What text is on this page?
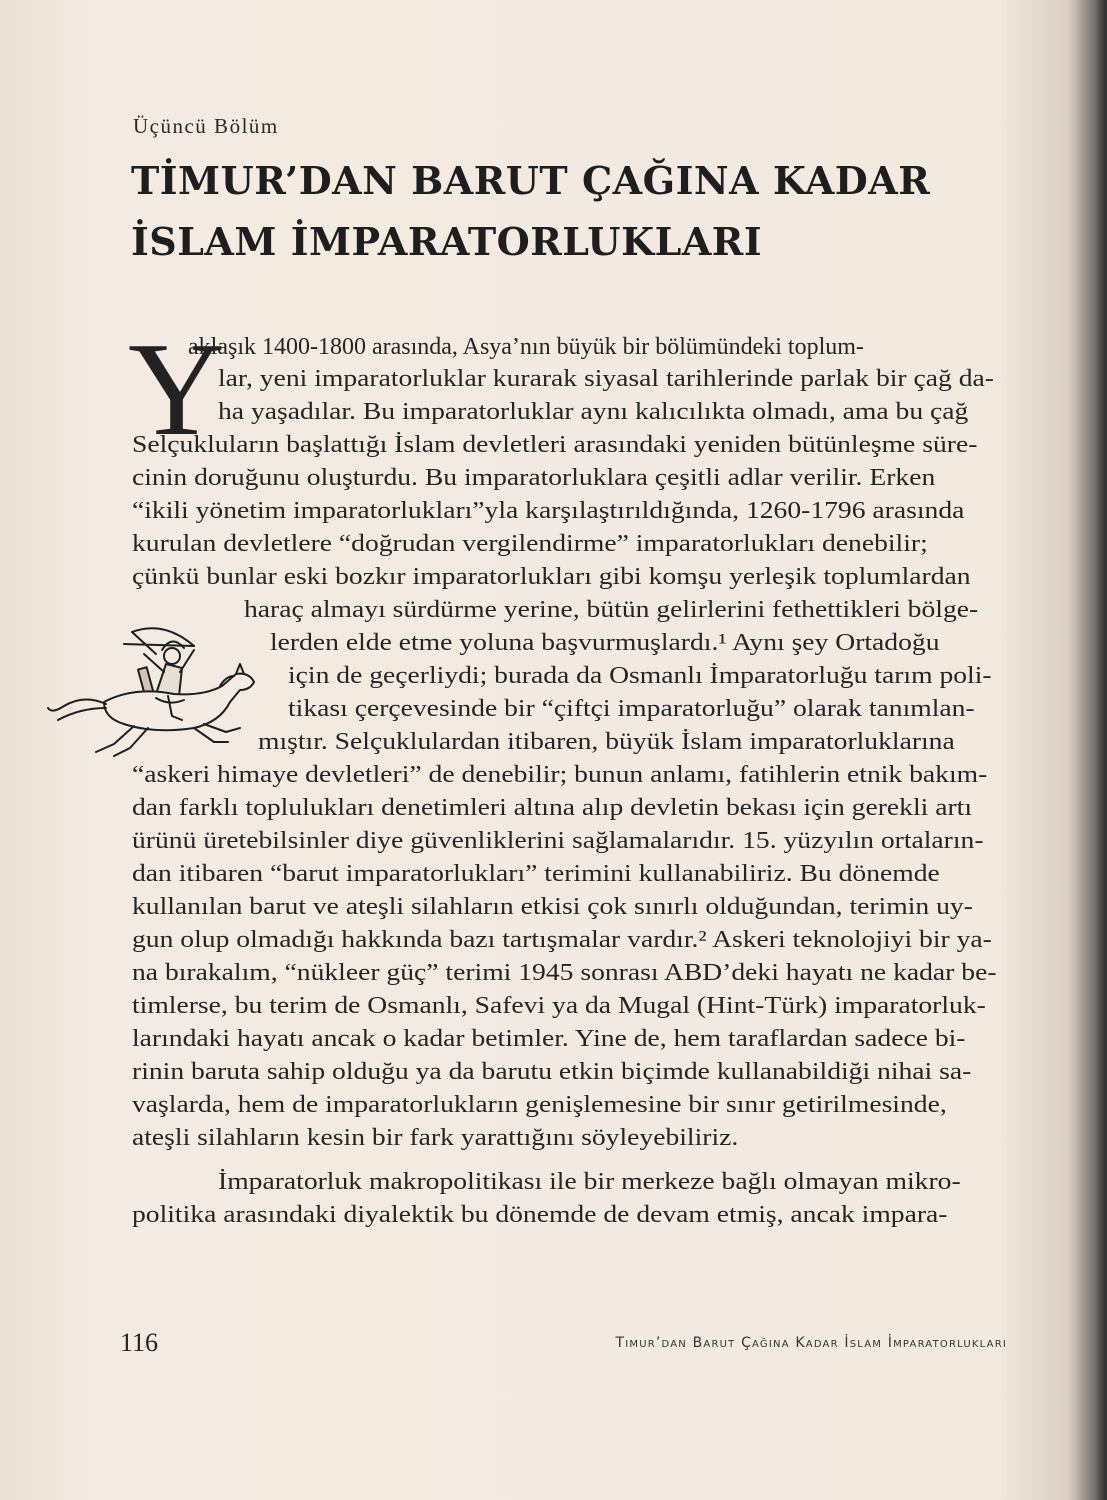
Üçüncü Bölüm
TİMUR’DAN BARUT ÇAĞINA KADAR
İSLAM İMPARATORLUKLARI
Y
aklaşık 1400-1800 arasında, Asya’nın büyük bir bölümündeki toplum-
lar, yeni imparatorluklar kurarak siyasal tarihlerinde parlak bir çağ da-
ha yaşadılar. Bu imparatorluklar aynı kalıcılıkta olmadı, ama bu çağ
Selçukluların başlattığı İslam devletleri arasındaki yeniden bütünleşme süre-
cinin doruğunu oluşturdu. Bu imparatorluklara çeşitli adlar verilir. Erken
“ikili yönetim imparatorlukları”yla karşılaştırıldığında, 1260-1796 arasında
kurulan devletlere “doğrudan vergilendirme” imparatorlukları denebilir;
çünkü bunlar eski bozkır imparatorlukları gibi komşu yerleşik toplumlardan
haraç almayı sürdürme yerine, bütün gelirlerini fethettikleri bölge-
lerden elde etme yoluna başvurmuşlardı.¹ Aynı şey Ortadoğu
için de geçerliydi; burada da Osmanlı İmparatorluğu tarım poli-
tikası çerçevesinde bir “çiftçi imparatorluğu” olarak tanımlan-
mıştır. Selçuklulardan itibaren, büyük İslam imparatorluklarına
“askeri himaye devletleri” de denebilir; bunun anlamı, fatihlerin etnik bakım-
dan farklı toplulukları denetimleri altına alıp devletin bekası için gerekli artı
ürünü üretebilsinler diye güvenliklerini sağlamalarıdır. 15. yüzyılın ortaların-
dan itibaren “barut imparatorlukları” terimini kullanabiliriz. Bu dönemde
kullanılan barut ve ateşli silahların etkisi çok sınırlı olduğundan, terimin uy-
gun olup olmadığı hakkında bazı tartışmalar vardır.² Askeri teknolojiyi bir ya-
na bırakalım, “nükleer güç” terimi 1945 sonrası ABD’deki hayatı ne kadar be-
timlerse, bu terim de Osmanlı, Safevi ya da Mugal (Hint-Türk) imparatorluk-
larındaki hayatı ancak o kadar betimler. Yine de, hem taraflardan sadece bi-
rinin baruta sahip olduğu ya da barutu etkin biçimde kullanabildiği nihai sa-
vaşlarda, hem de imparatorlukların genişlemesine bir sınır getirilmesinde,
ateşli silahların kesin bir fark yarattığını söyleyebiliriz.
İmparatorluk makropolitikası ile bir merkeze bağlı olmayan mikro-
politika arasındaki diyalektik bu dönemde de devam etmiş, ancak impara-
116	Timur’dan Barut Çağına Kadar İslam İmparatorlukları
